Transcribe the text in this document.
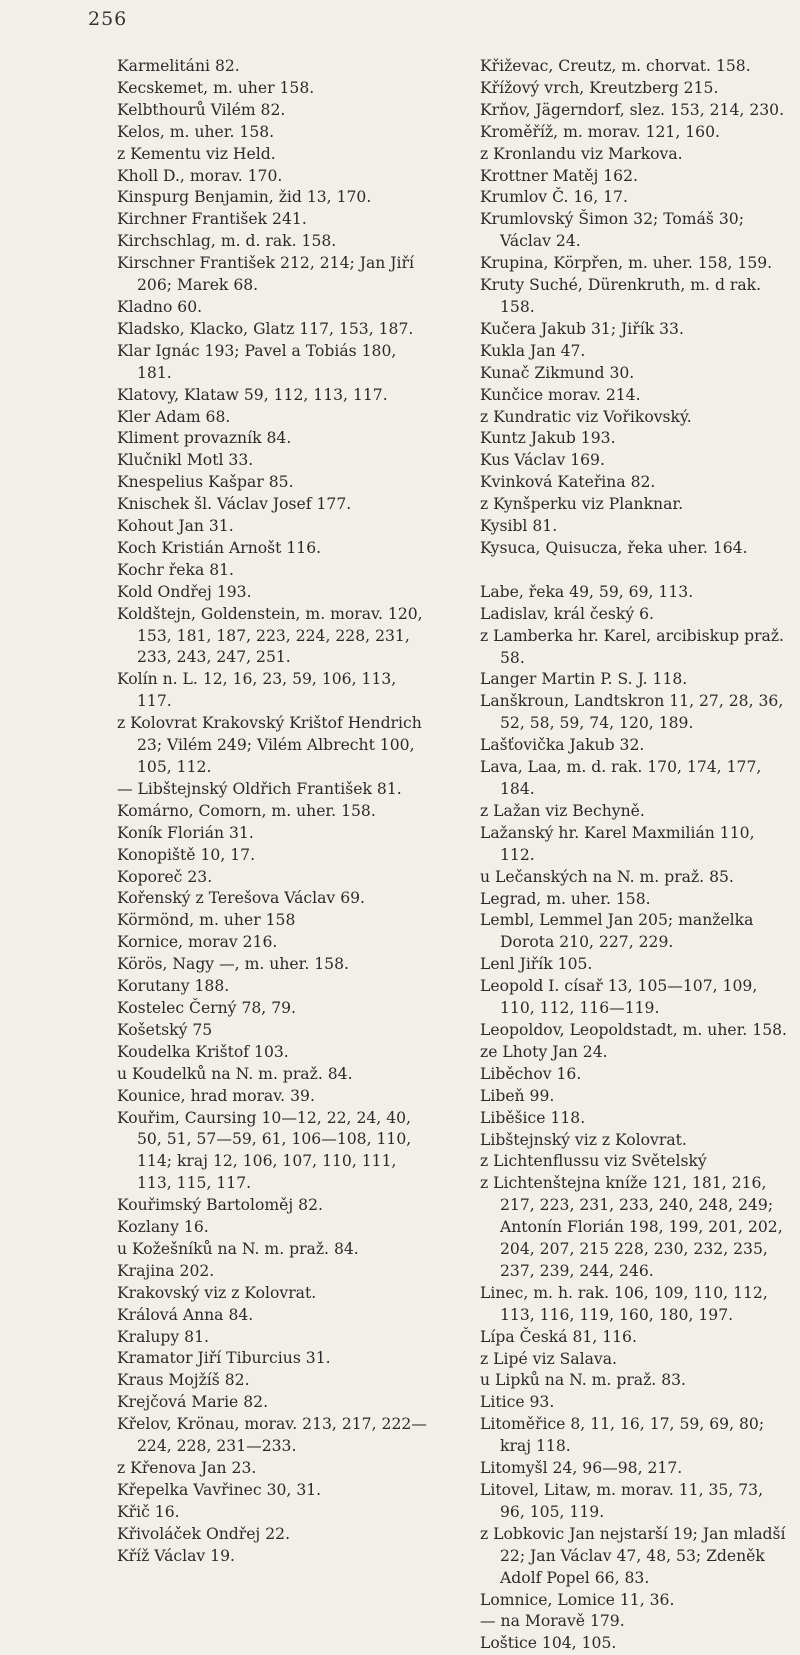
256

Karmelitáni 82.

Kecskemet, m. uher 158.

Kelbthourů Vilém 82.

Kelos, m. uher. 158.

z Kementu viz Held.

Kholl D., morav. 170.

Kinspurg Benjamin, žid 13, 170.

Kirchner František 241.

Kirchschlag, m. d. rak. 158.

Kirschner František 212, 214; Jan Jiří 206; Marek 68.

Kladno 60.

Kladsko, Klacko, Glatz 117, 153, 187.

Klar Ignác 193; Pavel a Tobiás 180, 181.

Klatovy, Klataw 59, 112, 113, 117.

Kler Adam 68.

Kliment provazník 84.

Klučnikl Motl 33.

Knespelius Kašpar 85.

Knischek šl. Václav Josef 177.

Kohout Jan 31.

Koch Kristián Arnošt 116.

Kochr řeka 81.

Kold Ondřej 193.

Koldštejn, Goldenstein, m. morav. 120, 153, 181, 187, 223, 224, 228, 231, 233, 243, 247, 251.

Kolín n. L. 12, 16, 23, 59, 106, 113, 117.

z Kolovrat Krakovský Krištof Hendrich 23; Vilém 249; Vilém Albrecht 100, 105, 112.

— Libštejnský Oldřich František 81.

Komárno, Comorn, m. uher. 158.

Koník Florián 31.

Konopiště 10, 17.

Koporeč 23.

Kořenský z Terešova Václav 69.

Körmönd, m. uher 158

Kornice, morav 216.

Körös, Nagy —, m. uher. 158.

Korutany 188.

Kostelec Černý 78, 79.

Košetský 75

Koudelka Krištof 103.

u Koudelků na N. m. praž. 84.

Kounice, hrad morav. 39.

Kouřim, Caursing 10—12, 22, 24, 40, 50, 51, 57—59, 61, 106—108, 110, 114; kraj 12, 106, 107, 110, 111, 113, 115, 117.

Kouřimský Bartoloměj 82.

Kozlany 16.

u Kožešníků na N. m. praž. 84.

Krajina 202.

Krakovský viz z Kolovrat.

Králová Anna 84.

Kralupy 81.

Kramator Jiří Tiburcius 31.

Kraus Mojžíš 82.

Krejčová Marie 82.

Křelov, Krönau, morav. 213, 217, 222—224, 228, 231—233.

z Křenova Jan 23.

Křepelka Vavřinec 30, 31.

Křič 16.

Křivoláček Ondřej 22.

Kříž Václav 19.

Křiževac, Creutz, m. chorvat. 158.

Křížový vrch, Kreutzberg 215.

Krňov, Jägerndorf, slez. 153, 214, 230.

Kroměříž, m. morav. 121, 160.

z Kronlandu viz Markova.

Krottner Matěj 162.

Krumlov Č. 16, 17.

Krumlovský Šimon 32; Tomáš 30; Václav 24.

Krupina, Körpřen, m. uher. 158, 159.

Kruty Suché, Dürenkruth, m. d rak. 158.

Kučera Jakub 31; Jiřík 33.

Kukla Jan 47.

Kunač Zikmund 30.

Kunčice morav. 214.

z Kundratic viz Vořikovský.

Kuntz Jakub 193.

Kus Václav 169.

Kvinková Kateřina 82.

z Kynšperku viz Planknar.

Kysibl 81.

Kysuca, Quisucza, řeka uher. 164.

Labe, řeka 49, 59, 69, 113.

Ladislav, král český 6.

z Lamberka hr. Karel, arcibiskup praž. 58.

Langer Martin P. S. J. 118.

Lanškroun, Landtskron 11, 27, 28, 36, 52, 58, 59, 74, 120, 189.

Lašťovička Jakub 32.

Lava, Laa, m. d. rak. 170, 174, 177, 184.

z Lažan viz Bechyně.

Lažanský hr. Karel Maxmilián 110, 112.

u Lečanských na N. m. praž. 85.

Legrad, m. uher. 158.

Lembl, Lemmel Jan 205; manželka Dorota 210, 227, 229.

Lenl Jiřík 105.

Leopold I. císař 13, 105—107, 109, 110, 112, 116—119.

Leopoldov, Leopoldstadt, m. uher. 158.

ze Lhoty Jan 24.

Liběchov 16.

Libeň 99.

Liběšice 118.

Libštejnský viz z Kolovrat.

z Lichtenflussu viz Světelský

z Lichtenštejna kníže 121, 181, 216, 217, 223, 231, 233, 240, 248, 249; Antonín Florián 198, 199, 201, 202, 204, 207, 215 228, 230, 232, 235, 237, 239, 244, 246.

Linec, m. h. rak. 106, 109, 110, 112, 113, 116, 119, 160, 180, 197.

Lípa Česká 81, 116.

z Lipé viz Salava.

u Lipků na N. m. praž. 83.

Litice 93.

Litoměřice 8, 11, 16, 17, 59, 69, 80; kraj 118.

Litomyšl 24, 96—98, 217.

Litovel, Litaw, m. morav. 11, 35, 73, 96, 105, 119.

z Lobkovic Jan nejstarší 19; Jan mladší 22; Jan Václav 47, 48, 53; Zdeněk Adolf Popel 66, 83.

Lomnice, Lomice 11, 36.

— na Moravě 179.

Loštice 104, 105.
